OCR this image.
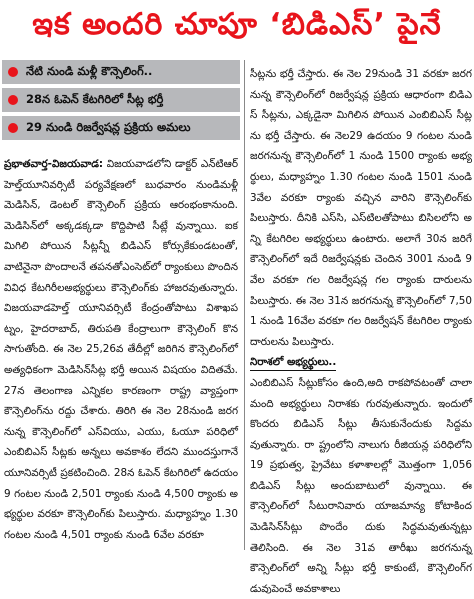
ఇక అందరి చూపూ ‘బిడిఎస్’ పైనే
నేటి నుండి మళ్లీ కౌన్సెలింగ్..
28న ఓపెన్ కేటగిరిలో సీట్ల భర్తీ
29 నుండి రిజర్వేషన్ల ప్రక్రియ అమలు

ప్రభాతవార్త-విజయవాడ: విజయవాడలోని డాక్టర్ ఎన్‌టిఆర్ హెల్త్‌యూనివర్సిటీ పర్యవేక్షణలో బుధవారం నుండిమళ్లీ మెడిసిన్, డెంటల్ కౌన్సెలింగ్ ప్రక్రియ ఆరంభంకానుంది. మెడిసిన్‌లో అక్కడక్కడా కొద్దిపాటి సీట్లే వున్నాయి. ఐకమిగిలి పోయిన సీట్లన్నీ బిడిఎస్ కోర్సుకేకుండటంతో, వాటినైనా పొందాలనే తపనతోఎంసెట్‌లో ర్యాంకులు పొందిన వివిధ కేటగిరీలఅభ్యర్థులు కౌన్సెలింగ్‌కు హాజరవుతున్నారు. విజయవాడహెల్త్ యూనివర్సిటీ కేంద్రంతోపాటు విశాఖపట్నం, హైదరాబాద్, తిరుపతి కేంద్రాలుగా కౌన్సెలింగ్ కొనసాగుతోంది. ఈ నెల 25,26వ తేదీల్లో జరిగిన కౌన్సెలింగ్‌లో అత్యధికంగా మెడిసిన్‌సీట్ల భర్తీ అయిన విషయం విదితమే. 27న తెలంగాణ ఎన్నికల కారణంగా రాష్ట్ర వ్యాప్తంగా కౌన్సెలింగ్‌ను రద్దు చేశారు. తిరిగి ఈ నెల 28నుండి జరగనున్న కౌన్సెలింగ్‌లో ఎస్‌వియు, ఎయు, ఓయూ పరిధిలో ఎంబిబిఎస్ సీట్లకు అన్నలు అవకాశం లేదని ముందస్తుగానే యూనివర్సిటీ ప్రకటించింది. 28న ఓపెన్ కేటగిరిలో ఉదయం 9 గంటల నుండి 2,501 ర్యాంకు నుండి 4,500 ర్యాంకు అభ్యర్థుల వరకూ కౌన్సెలింగ్‌కు పిలుస్తారు. మధ్యాహ్నం 1.30 గంటల నుండి 4,501 ర్యాంకు నుండి 6వేల వరకూ

సీట్లను భర్తీ చేస్తారు. ఈ నెల 29నుండి 31 వరకూ జరగనున్న కౌన్సెలింగ్‌లో రిజర్వేషన్ల ప్రక్రియ ఆధారంగా బిడిఎస్ సీట్లను, ఎక్కడైనా మిగిలిన పోయిన ఎంబిబిఎస్ సీట్లను భర్తీ చేస్తారు. ఈ నెల29 ఉదయం 9 గంటల నుండి జరగనున్న కౌన్సెలింగ్‌లో 1 నుండి 1500 ర్యాంకు అభ్యర్థులు, మధ్యాహ్నం 1.30 గంటల నుండి 1501 నుండి 3వేల వరకూ ర్యాంకు వచ్చిన వారిని కౌన్సెలింగ్‌కు పిలుస్తారు. దీనికి ఎస్‌సి, ఎస్‌టిలతోపాటు బిసిలలోని అన్ని కేటగిరిల అభ్యర్థులు ఉంటారు. అలాగే 30న జరిగే కౌన్సెలింగ్‌లో ఇదే రిజర్వేషన్లకు చెందిన 3001 నుండి 9వేల వరకూ గల రిజర్వేషన్ల గల ర్యాంకు దారులను పిలుస్తారు. ఈ నెల 31న జరగనున్న కౌన్సెలింగ్‌లో 7,501 నుండి 16వేల వరకూ గల రిజర్వేషన్ కేటగిరిల ర్యాంకు దారులను పిలుస్తారు.

నిరాశలో అభ్యర్థులు..

ఎంబిబిఎస్ సీట్లుకోసం ఉంది,అది రాకపోవటంతో చాలా మంది అభ్యర్థులు నిరాశకు గురవుతున్నారు. ఇందులో కొందరు బిడిఎస్ సీట్లు తీసుకునేందుకు సిద్దమవుతున్నారు. రా ష్ట్రంలోని నాలుగు రీజియన్ల పరిధిలోని 19 ప్రభుత్వ, ప్రైవేటు కళాశాలల్లో మొత్తంగా 1,056 బిడిఎస్ సీట్లు అందుబాటులో వున్నాయి. ఈ కౌన్సెలింగ్‌లో సీటురానివారు యాజమాన్య కోటాకింద మెడిసిన్‌సీట్లు పొందేం దుకు సిద్ధమవుతున్నట్లు తెలిసింది. ఈ నెల 31వ తారీఖు జరగనున్న కౌన్సెలింగ్‌లో అన్ని సీట్లు భర్తీ కాకుంటే, కౌన్సెలింగ్‌గడువుపెంచే అవకాశాలు
